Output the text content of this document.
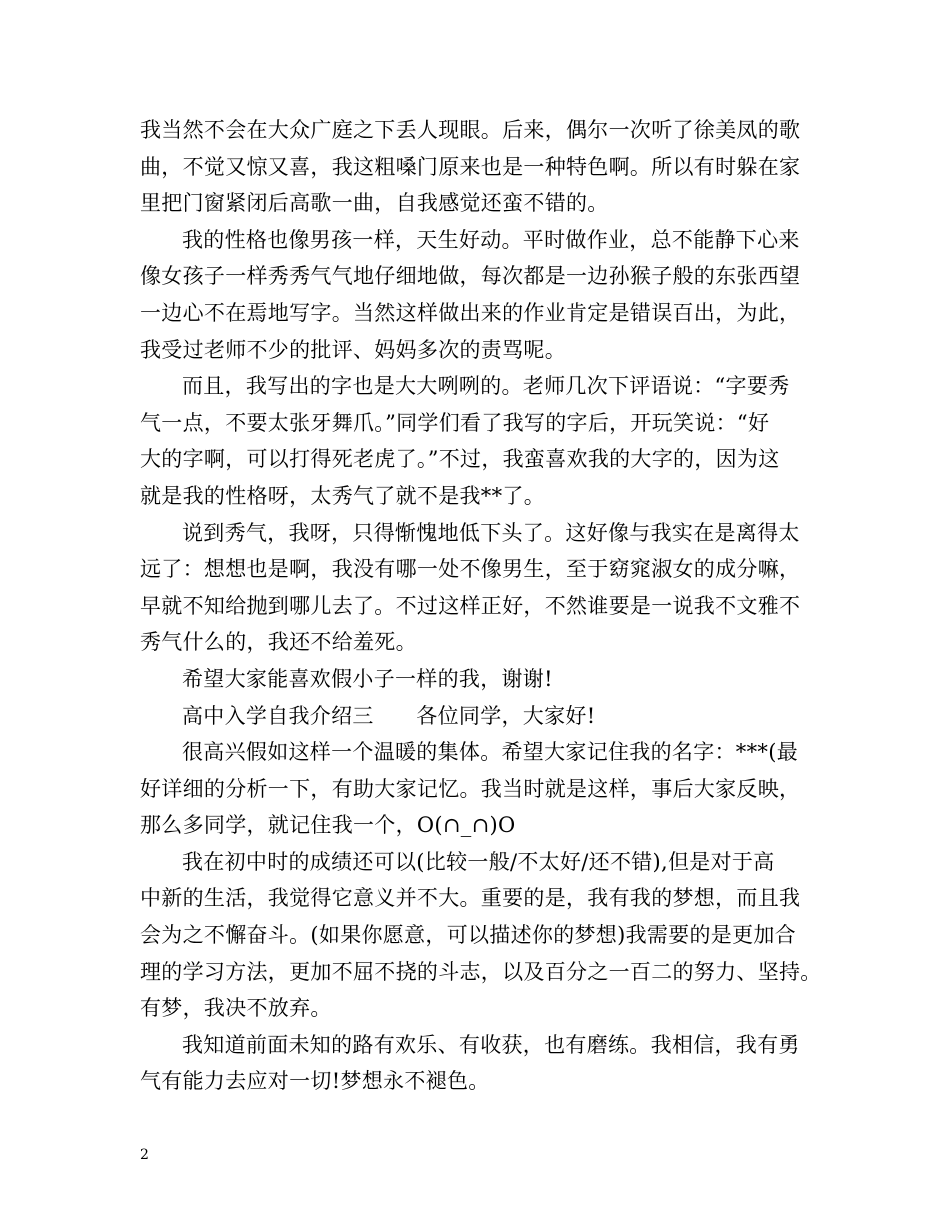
我当然不会在大众广庭之下丢人现眼。后来，偶尔一次听了徐美凤的歌
曲，不觉又惊又喜，我这粗嗓门原来也是一种特色啊。所以有时躲在家
里把门窗紧闭后高歌一曲，自我感觉还蛮不错的。
我的性格也像男孩一样，天生好动。平时做作业，总不能静下心来
像女孩子一样秀秀气气地仔细地做，每次都是一边孙猴子般的东张西望
一边心不在焉地写字。当然这样做出来的作业肯定是错误百出，为此，
我受过老师不少的批评、妈妈多次的责骂呢。
而且，我写出的字也是大大咧咧的。老师几次下评语说：“字要秀
气一点，不要太张牙舞爪。”同学们看了我写的字后，开玩笑说：“好
大的字啊，可以打得死老虎了。”不过，我蛮喜欢我的大字的，因为这
就是我的性格呀，太秀气了就不是我**了。
说到秀气，我呀，只得惭愧地低下头了。这好像与我实在是离得太
远了：想想也是啊，我没有哪一处不像男生，至于窈窕淑女的成分嘛，
早就不知给抛到哪儿去了。不过这样正好，不然谁要是一说我不文雅不
秀气什么的，我还不给羞死。
希望大家能喜欢假小子一样的我，谢谢!
高中入学自我介绍三　　各位同学，大家好!
很高兴假如这样一个温暖的集体。希望大家记住我的名字：***(最
好详细的分析一下，有助大家记忆。我当时就是这样，事后大家反映，
那么多同学，就记住我一个，O(∩_∩)O
我在初中时的成绩还可以(比较一般/不太好/还不错),但是对于高
中新的生活，我觉得它意义并不大。重要的是，我有我的梦想，而且我
会为之不懈奋斗。(如果你愿意，可以描述你的梦想)我需要的是更加合
理的学习方法，更加不屈不挠的斗志，以及百分之一百二的努力、坚持。
有梦，我决不放弃。
我知道前面未知的路有欢乐、有收获，也有磨练。我相信，我有勇
气有能力去应对一切!梦想永不褪色。
2
